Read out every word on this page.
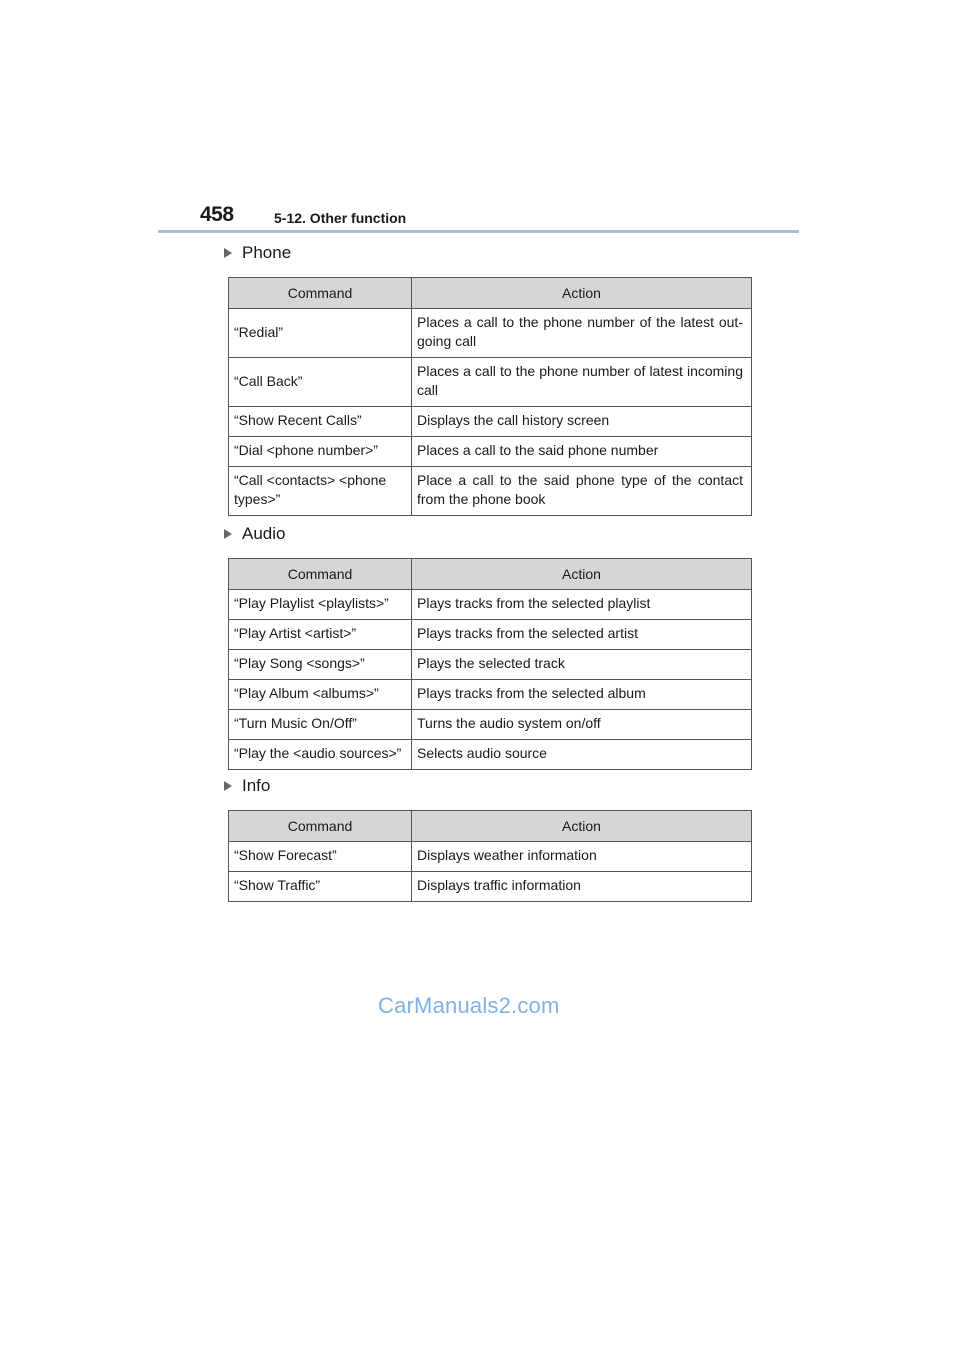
458	5-12. Other function
Phone
Command	Action
“Redial”	Places a call to the phone number of the latest out-going call
“Call Back”	Places a call to the phone number of latest incoming call
“Show Recent Calls”	Displays the call history screen
“Dial <phone number>”	Places a call to the said phone number
“Call <contacts> <phone types>”	Place a call to the said phone type of the contact from the phone book
Audio
Command	Action
“Play Playlist <playlists>”	Plays tracks from the selected playlist
“Play Artist <artist>”	Plays tracks from the selected artist
“Play Song <songs>”	Plays the selected track
“Play Album <albums>”	Plays tracks from the selected album
“Turn Music On/Off”	Turns the audio system on/off
“Play the <audio sources>”	Selects audio source
Info
Command	Action
“Show Forecast”	Displays weather information
“Show Traffic”	Displays traffic information
CarManuals2.com
